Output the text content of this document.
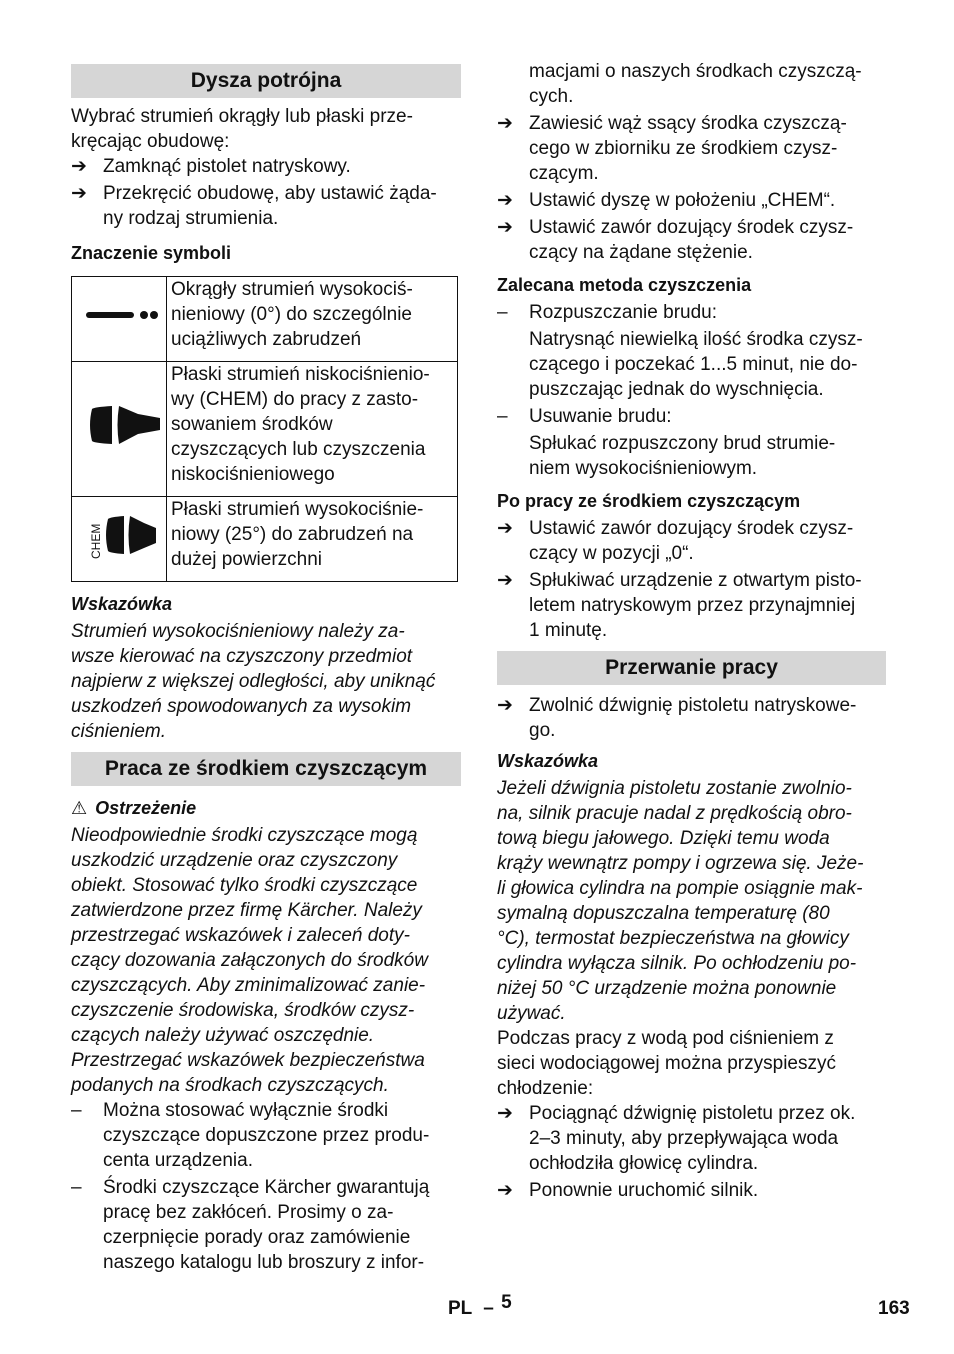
Dysza potrójna
Wybrać strumień okrągły lub płaski prze-
kręcając obudowę:
➔ Zamknąć pistolet natryskowy.
➔ Przekręcić obudowę, aby ustawić żąda-
ny rodzaj strumienia.
Znaczenie symboli

Okrągły strumień wysokociś-
nieniowy (0°) do szczególnie
uciążliwych zabrudzeń

Płaski strumień niskociśnienio-
wy (CHEM) do pracy z zasto-
sowaniem środków
czyszczących lub czyszczenia
niskociśnieniowego

CHEM	Płaski strumień wysokociśnie-
niowy (25°) do zabrudzeń na
dużej powierzchni
Wskazówka
Strumień wysokociśnieniowy należy za-
wsze kierować na czyszczony przedmiot
najpierw z większej odległości, aby uniknąć
uszkodzeń spowodowanych za wysokim
ciśnieniem.
Praca ze środkiem czyszczącym
⚠ Ostrzeżenie
Nieodpowiednie środki czyszczące mogą
uszkodzić urządzenie oraz czyszczony
obiekt. Stosować tylko środki czyszczące
zatwierdzone przez firmę Kärcher. Należy
przestrzegać wskazówek i zaleceń doty-
czący dozowania załączonych do środków
czyszczących. Aby zminimalizować zanie-
czyszczenie środowiska, środków czysz-
czących należy używać oszczędnie.
Przestrzegać wskazówek bezpieczeństwa
podanych na środkach czyszczących.
– Można stosować wyłącznie środki
czyszczące dopuszczone przez produ-
centa urządzenia.
– Środki czyszczące Kärcher gwarantują
pracę bez zakłóceń. Prosimy o za-
czerpnięcie porady oraz zamówienie
naszego katalogu lub broszury z infor-
macjami o naszych środkach czyszczą-
cych.
➔ Zawiesić wąż ssący środka czyszczą-
cego w zbiorniku ze środkiem czysz-
czącym.
➔ Ustawić dyszę w położeniu „CHEM“.
➔ Ustawić zawór dozujący środek czysz-
czący na żądane stężenie.
Zalecana metoda czyszczenia
– Rozpuszczanie brudu:
Natrysnąć niewielką ilość środka czysz-
czącego i poczekać 1...5 minut, nie do-
puszczając jednak do wyschnięcia.
– Usuwanie brudu:
Spłukać rozpuszczony brud strumie-
niem wysokociśnieniowym.
Po pracy ze środkiem czyszczącym
➔ Ustawić zawór dozujący środek czysz-
czący w pozycji „0“.
➔ Spłukiwać urządzenie z otwartym pisto-
letem natryskowym przez przynajmniej
1 minutę.
Przerwanie pracy
➔ Zwolnić dźwignię pistoletu natryskowe-
go.
Wskazówka
Jeżeli dźwignia pistoletu zostanie zwolnio-
na, silnik pracuje nadal z prędkością obro-
tową biegu jałowego. Dzięki temu woda
krąży wewnątrz pompy i ogrzewa się. Jeże-
li głowica cylindra na pompie osiągnie mak-
symalną dopuszczalna temperaturę (80
°C), termostat bezpieczeństwa na głowicy
cylindra wyłącza silnik. Po ochłodzeniu po-
niżej 50 °C urządzenie można ponownie
używać.
Podczas pracy z wodą pod ciśnieniem z
sieci wodociągowej można przyspieszyć
chłodzenie:
➔ Pociągnąć dźwignię pistoletu przez ok.
2–3 minuty, aby przepływająca woda
ochłodziła głowicę cylindra.
➔ Ponownie uruchomić silnik.
PL – 5	163
